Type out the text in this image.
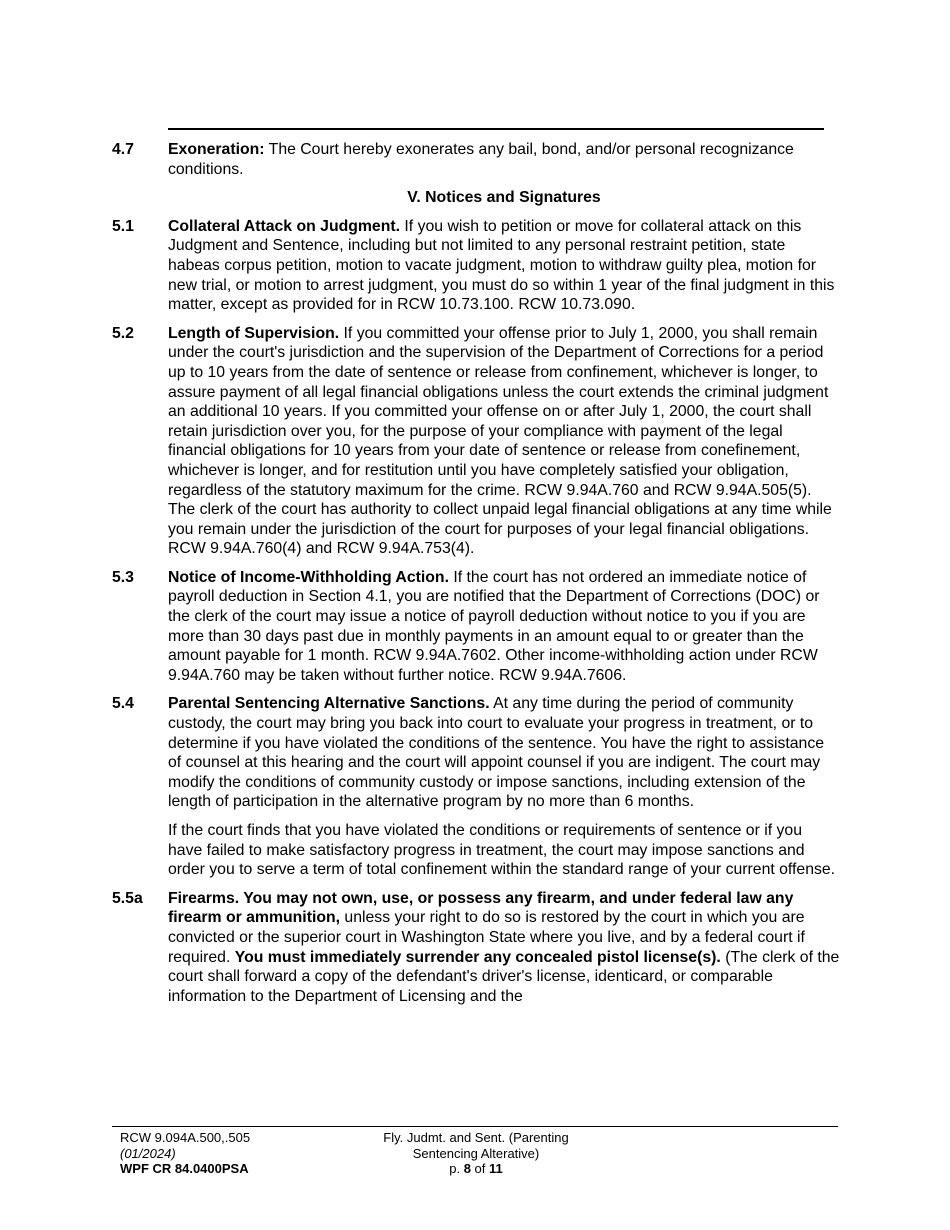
4.7	Exoneration: The Court hereby exonerates any bail, bond, and/or personal recognizance conditions.

V. Notices and Signatures
5.1	Collateral Attack on Judgment. If you wish to petition or move for collateral attack on this Judgment and Sentence, including but not limited to any personal restraint petition, state habeas corpus petition, motion to vacate judgment, motion to withdraw guilty plea, motion for new trial, or motion to arrest judgment, you must do so within 1 year of the final judgment in this matter, except as provided for in RCW 10.73.100. RCW 10.73.090.

5.2	Length of Supervision. If you committed your offense prior to July 1, 2000, you shall remain under the court's jurisdiction and the supervision of the Department of Corrections for a period up to 10 years from the date of sentence or release from confinement, whichever is longer, to assure payment of all legal financial obligations unless the court extends the criminal judgment an additional 10 years. If you committed your offense on or after July 1, 2000, the court shall retain jurisdiction over you, for the purpose of your compliance with payment of the legal financial obligations for 10 years from your date of sentence or release from conefinement, whichever is longer, and for restitution until you have completely satisfied your obligation, regardless of the statutory maximum for the crime. RCW 9.94A.760 and RCW 9.94A.505(5). The clerk of the court has authority to collect unpaid legal financial obligations at any time while you remain under the jurisdiction of the court for purposes of your legal financial obligations. RCW 9.94A.760(4) and RCW 9.94A.753(4).

5.3	Notice of Income-Withholding Action. If the court has not ordered an immediate notice of payroll deduction in Section 4.1, you are notified that the Department of Corrections (DOC) or the clerk of the court may issue a notice of payroll deduction without notice to you if you are more than 30 days past due in monthly payments in an amount equal to or greater than the amount payable for 1 month. RCW 9.94A.7602. Other income-withholding action under RCW 9.94A.760 may be taken without further notice. RCW 9.94A.7606.

5.4	Parental Sentencing Alternative Sanctions. At any time during the period of community custody, the court may bring you back into court to evaluate your progress in treatment, or to determine if you have violated the conditions of the sentence. You have the right to assistance of counsel at this hearing and the court will appoint counsel if you are indigent. The court may modify the conditions of community custody or impose sanctions, including extension of the length of participation in the alternative program by no more than 6 months.

If the court finds that you have violated the conditions or requirements of sentence or if you have failed to make satisfactory progress in treatment, the court may impose sanctions and order you to serve a term of total confinement within the standard range of your current offense.

5.5a	Firearms. You may not own, use, or possess any firearm, and under federal law any firearm or ammunition, unless your right to do so is restored by the court in which you are convicted or the superior court in Washington State where you live, and by a federal court if required. You must immediately surrender any concealed pistol license(s). (The clerk of the court shall forward a copy of the defendant's driver's license, identicard, or comparable information to the Department of Licensing and the

RCW 9.094A.500,.505
(01/2024)
WPF CR 84.0400PSA
Fly. Judmt. and Sent. (Parenting
Sentencing Alterative)
p. 8 of 11
